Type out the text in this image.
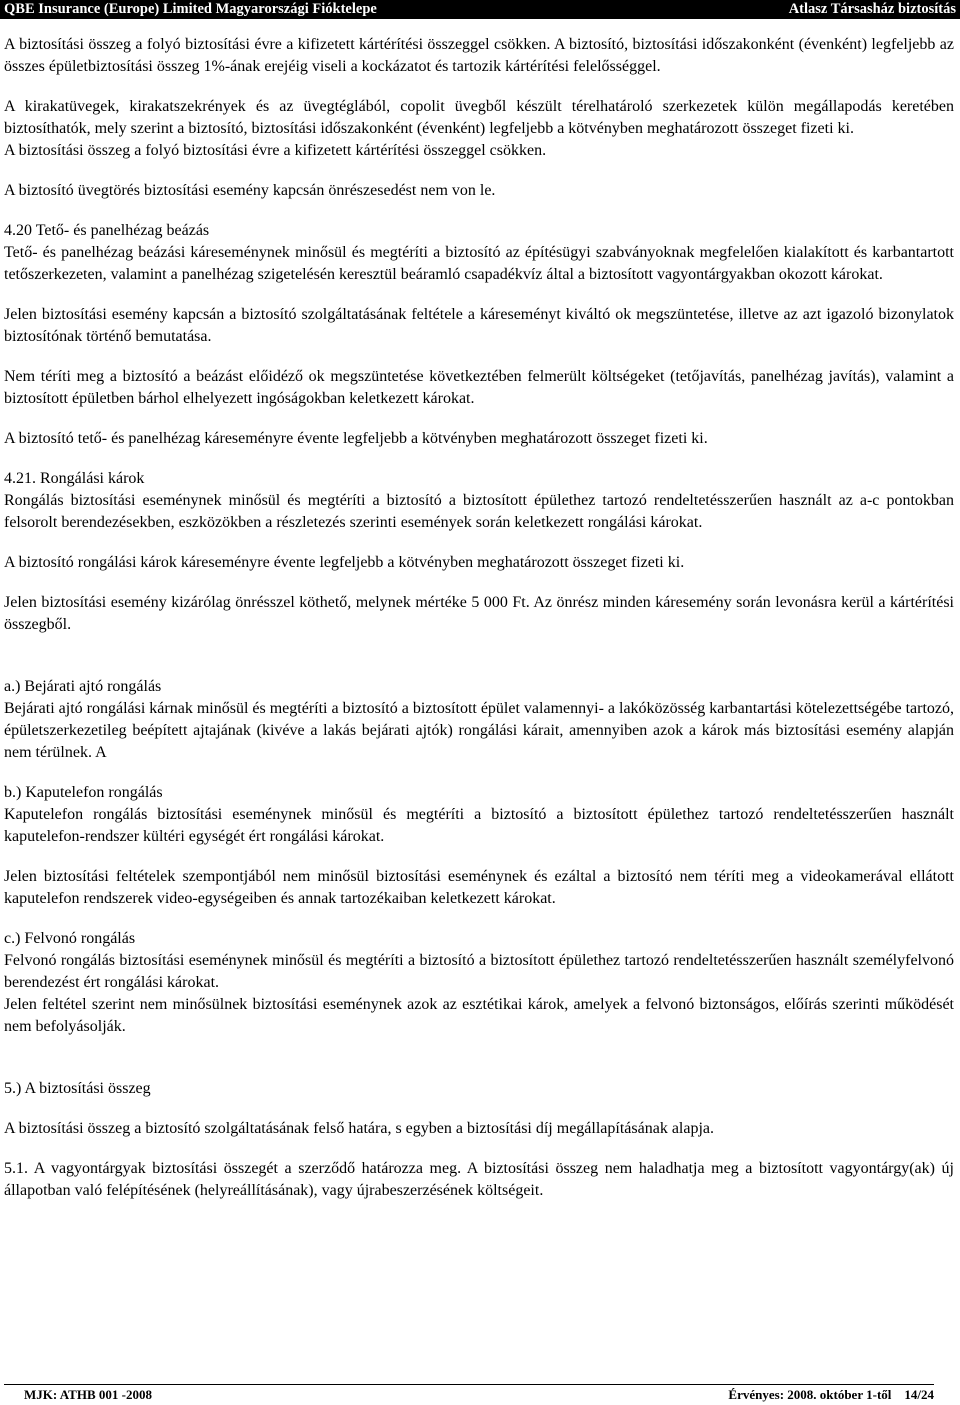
QBE Insurance (Europe) Limited Magyarországi Fióktelepe	Atlasz Társasház biztosítás

A biztosítási összeg a folyó biztosítási évre a kifizetett kártérítési összeggel csökken. A biztosító, biztosítási időszakonként (évenként) legfeljebb az összes épületbiztosítási összeg 1%-ának erejéig viseli a kockázatot és tartozik kártérítési felelősséggel.

A kirakatüvegek, kirakatszekrények és az üvegtéglából, copolit üvegből készült térelhatároló szerkezetek külön megállapodás keretében biztosíthatók, mely szerint a biztosító, biztosítási időszakonként (évenként) legfeljebb a kötvényben meghatározott összeget fizeti ki.

A biztosítási összeg a folyó biztosítási évre a kifizetett kártérítési összeggel csökken.

A biztosító üvegtörés biztosítási esemény kapcsán önrészesedést nem von le.

4.20 Tető- és panelhézag beázás

Tető- és panelhézag beázási káreseménynek minősül és megtéríti a biztosító az építésügyi szabványoknak megfelelően kialakított és karbantartott tetőszerkezeten, valamint a panelhézag szigetelésén keresztül beáramló csapadékvíz által a biztosított vagyontárgyakban okozott károkat.

Jelen biztosítási esemény kapcsán a biztosító szolgáltatásának feltétele a káreseményt kiváltó ok megszüntetése, illetve az azt igazoló bizonylatok biztosítónak történő bemutatása.

Nem téríti meg a biztosító a beázást előidéző ok megszüntetése következtében felmerült költségeket (tetőjavítás, panelhézag javítás), valamint a biztosított épületben bárhol elhelyezett ingóságokban keletkezett károkat.

A biztosító tető- és panelhézag káreseményre évente legfeljebb a kötvényben meghatározott összeget fizeti ki.

4.21. Rongálási károk

Rongálás biztosítási eseménynek minősül és megtéríti a biztosító a biztosított épülethez tartozó rendeltetésszerűen használt az a-c pontokban felsorolt berendezésekben, eszközökben a részletezés szerinti események során keletkezett rongálási károkat.

A biztosító rongálási károk káreseményre évente legfeljebb a kötvényben meghatározott összeget fizeti ki.

Jelen biztosítási esemény kizárólag önrésszel köthető, melynek mértéke 5 000 Ft. Az önrész minden káresemény során levonásra kerül a kártérítési összegből.

a.) Bejárati ajtó rongálás

Bejárati ajtó rongálási kárnak minősül és megtéríti a biztosító a biztosított épület valamennyi- a lakóközösség karbantartási kötelezettségébe tartozó, épületszerkezetileg beépített ajtajának (kivéve a lakás bejárati ajtók) rongálási kárait, amennyiben azok a károk más biztosítási esemény alapján nem térülnek. A

b.) Kaputelefon rongálás

Kaputelefon rongálás biztosítási eseménynek minősül és megtéríti a biztosító a biztosított épülethez tartozó rendeltetésszerűen használt kaputelefon-rendszer kültéri egységét ért rongálási károkat.

Jelen biztosítási feltételek szempontjából nem minősül biztosítási eseménynek és ezáltal a biztosító nem téríti meg a videokamerával ellátott kaputelefon rendszerek video-egységeiben és annak tartozékaiban keletkezett károkat.

c.) Felvonó rongálás

Felvonó rongálás biztosítási eseménynek minősül és megtéríti a biztosító a biztosított épülethez tartozó rendeltetésszerűen használt személyfelvonó berendezést ért rongálási károkat.

Jelen feltétel szerint nem minősülnek biztosítási eseménynek azok az esztétikai károk, amelyek a felvonó biztonságos, előírás szerinti működését nem befolyásolják.

5.) A biztosítási összeg

A biztosítási összeg a biztosító szolgáltatásának felső határa, s egyben a biztosítási díj megállapításának alapja.

5.1. A vagyontárgyak biztosítási összegét a szerződő határozza meg. A biztosítási összeg nem haladhatja meg a biztosított vagyontárgy(ak) új állapotban való felépítésének (helyreállításának), vagy újrabeszerzésének költségeit.

MJK: ATHB 001 -2008	Érvényes: 2008. október 1-től    14/24
